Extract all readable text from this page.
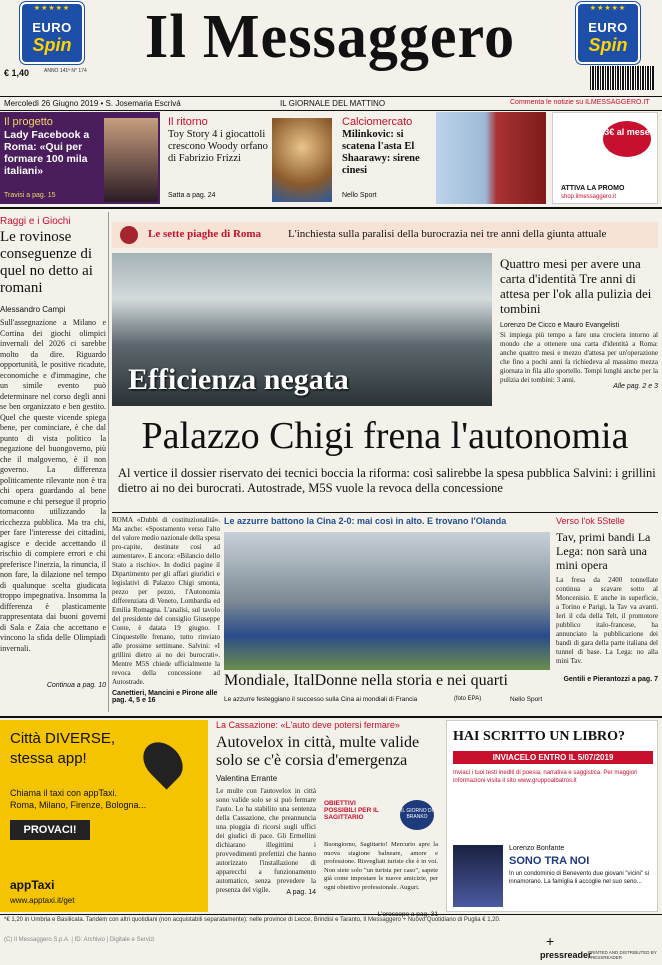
★★★★★
EURO
Spin	Il Messaggero	★★★★★
EURO
Spin
€ 1,40	ANNO 141ª N° 174
Mercoledì 26 Giugno 2019 • S. Josemaria Escrivá	IL GIORNALE DEL MATTINO	Commenta le notizie su ILMESSAGGERO.IT
Il progetto
Lady Facebook a Roma: «Qui per formare 100 mila italiani»
Travisi a pag. 15
Il ritorno
Toy Story 4 i giocattoli crescono Woody orfano di Fabrizio Frizzi
Satta a pag. 24
Calciomercato
Milinkovic: si scatena l'asta El Shaarawy: sirene cinesi
Nello Sport
3€ al mese
ATTIVA LA PROMO
shop.ilmessaggero.it
Raggi e i Giochi
Le rovinose conseguenze di quel no detto ai romani
Alessandro Campi
Sull'assegnazione a Milano e Cortina dei giochi olimpici invernali del 2026 ci sarebbe molto da dire. Riguardo opportunità, le positive ricadute, economiche e d'immagine, che un simile evento può determinare nel corso degli anni se ben organizzato e ben gestito. Quel che queste vicende spiega bene, per cominciare, è che dal punto di vista politico la negazione del buongoverno, più che il malgoverno, è il non governo. La differenza politicamente rilevante non è tra chi opera guardando al bene comune e chi persegue il proprio tornaconto utilizzando la ricchezza pubblica. Ma tra chi, per fare l'interesse dei cittadini, agisce e decide accettando il rischio di compiere errori e chi preferisce l'inerzia, la rinuncia, il non fare, la dilazione nel tempo di qualunque scelta giudicata troppo impegnativa. Insomma la differenza è plasticamente rappresentata dai buoni governi di Sala e Zaia che accettano e vincono la sfida delle Olimpiadi invernali.
Continua a pag. 10
Le sette piaghe di Roma L'inchiesta sulla paralisi della burocrazia nei tre anni della giunta attuale
Efficienza negata
Quattro mesi per avere una carta d'identità Tre anni di attesa per l'ok alla pulizia dei tombini
Lorenzo De Cicco e Mauro Evangelisti
Si impiega più tempo a fare una crociera intorno al mondo che a ottenere una carta d'identità a Roma: anche quattro mesi e mezzo d'attesa per un'operazione che fino a pochi anni fa richiedeva al massimo mezza giornata in fila allo sportello. Tempi lunghi anche per la pulizia dei tombini: 3 anni.
Alle pag. 2 e 3
Palazzo Chigi frena l'autonomia
Al vertice il dossier riservato dei tecnici boccia la riforma: così salirebbe la spesa pubblica Salvini: i grillini dietro ai no dei burocrati. Autostrade, M5S vuole la revoca della concessione
ROMA «Dubbi di costituzionalità». Ma anche: «Spostamento verso l'alto del valore medio nazionale della spesa pro-capite, destinate così ad aumentare». E ancora: «Bilancio dello Stato a rischio». In dodici pagine il Dipartimento per gli affari giuridici e legislativi di Palazzo Chigi smonta, pezzo per pezzo, l'Autonomia differenziata di Veneto, Lombardia ed Emilia Romagna. L'analisi, sul tavolo del presidente del consiglio Giuseppe Conte, è datata 19 giugno. I Cinquestelle frenano, tutto rinviato alle prossime settimane. Salvini: «I grillini dietro ai no dei burocrati». Mentre M5S chiede ufficialmente la revoca della concessione ad Autostrade.
Canettieri, Mancini e Pirone alle pag. 4, 5 e 16
Le azzurre battono la Cina 2-0: mai così in alto. E trovano l'Olanda
Mondiale, ItalDonne nella storia e nei quarti
Le azzurre festeggiano il successo sulla Cina ai mondiali di Francia	(foto EPA)	Nello Sport
Verso l'ok 5Stelle
Tav, primi bandi La Lega: non sarà una mini opera
La fresa da 2400 tonnellate continua a scavare sotto al Moncenisio. E anche in superficie, a Torino e Parigi, la Tav va avanti. Ieri il cda della Telt, il promotore pubblico italo-francese, ha annunciato la pubblicazione dei bandi di gara della parte italiana del tunnel di base. La Lega: no alla mini Tav.
Gentili e Pierantozzi a pag. 7
Città DIVERSE,
stessa app!
Chiama il taxi con appTaxi.
Roma, Milano, Firenze, Bologna...
PROVACI!
appTaxi
www.apptaxi.it/get
La Cassazione: «L'auto deve potersi fermare»
Autovelox in città, multe valide solo se c'è corsia d'emergenza
Valentina Errante
Le multe con l'autovelox in città sono valide solo se si può fermare l'auto. Lo ha stabilito una sentenza della Cassazione, che preannuncia una pioggia di ricorsi sugli uffici dei giudici di pace. Gli Ermellini dichiarano illegittimi i provvedimenti prefettizi che hanno autorizzato l'installazione di apparecchi a funzionamento automatico, senza prevedere la presenza del vigile.	A pag. 14
OBIETTIVI POSSIBILI PER IL SAGITTARIO
IL GIORNO DI BRANKO
Buongiorno, Sagittario! Mercurio apre la nuova stagione balneare, amore e professione. Risvegliati turiste che è in voi. Non siete solo "un turista per caso", sapete già come impostare le nuove amicizie, per ogni obiettivo professionale. Auguri.
HAI SCRITTO UN LIBRO?
INVIACELO ENTRO IL 5/07/2019
Inviaci i tuoi testi inediti di poesia, narrativa e saggistica. Per maggiori informazioni visita il sito www.gruppoalbatros.it
Lorenzo Bonfante
SONO TRA NOI
In un condominio di Benevento due giovani "vicini" si innamorano. La famiglia li accoglie nel suo seno...
*€ 1,20 in Umbria e Basilicata. Tandem con altri quotidiani (non acquistabili separatamente): nelle province di Lecce, Brindisi e Taranto, Il Messaggero + Nuovo Quotidiano di Puglia € 1,20.
(C) Il Messaggero S.p.A. | ID: Archivio | Digitale e Servizi	+
pressreader
PRINTED AND DISTRIBUTED BY PRESSREADER
